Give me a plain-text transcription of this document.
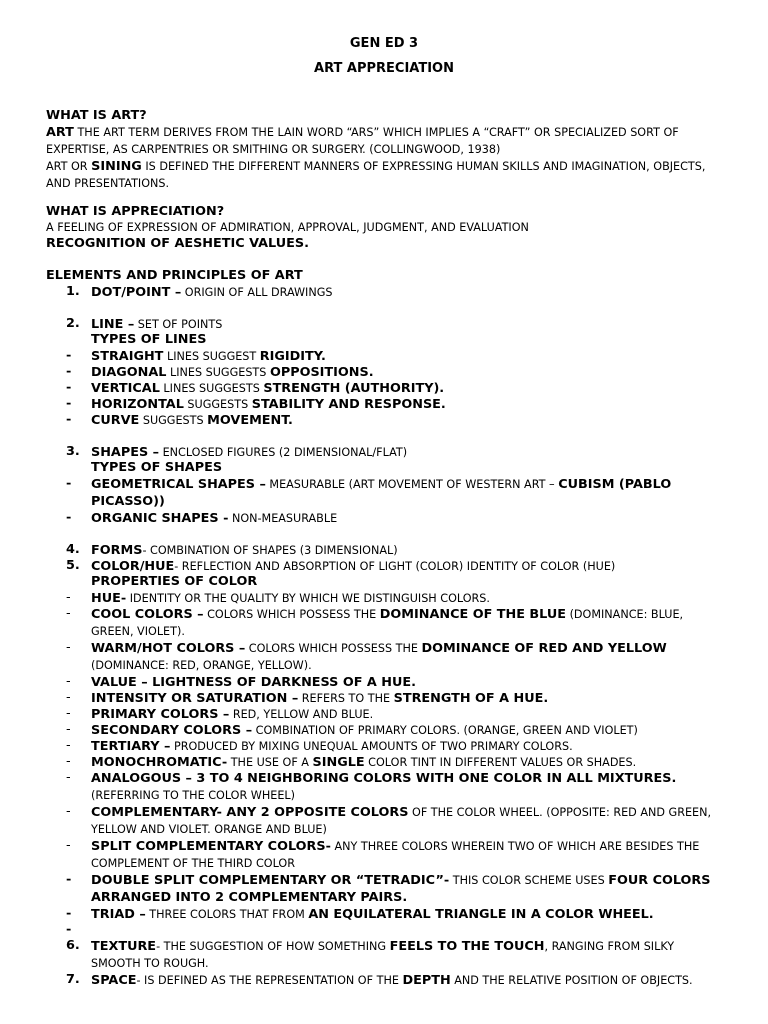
GEN ED 3
ART APPRECIATION
WHAT IS ART?
ART THE ART TERM DERIVES FROM THE LAIN WORD “ARS” WHICH IMPLIES A “CRAFT” OR SPECIALIZED SORT OF EXPERTISE, AS CARPENTRIES OR SMITHING OR SURGERY. (COLLINGWOOD, 1938)
ART OR SINING IS DEFINED THE DIFFERENT MANNERS OF EXPRESSING HUMAN SKILLS AND IMAGINATION, OBJECTS, AND PRESENTATIONS.
WHAT IS APPRECIATION?
A FEELING OF EXPRESSION OF ADMIRATION, APPROVAL, JUDGMENT, AND EVALUATION
RECOGNITION OF AESHETIC VALUES.
ELEMENTS AND PRINCIPLES OF ART
1. DOT/POINT – ORIGIN OF ALL DRAWINGS
2. LINE – SET OF POINTS
TYPES OF LINES
- STRAIGHT LINES SUGGEST RIGIDITY.
- DIAGONAL LINES SUGGESTS OPPOSITIONS.
- VERTICAL LINES SUGGESTS STRENGTH (AUTHORITY).
- HORIZONTAL SUGGESTS STABILITY AND RESPONSE.
- CURVE SUGGESTS MOVEMENT.
3. SHAPES – ENCLOSED FIGURES (2 DIMENSIONAL/FLAT)
TYPES OF SHAPES
- GEOMETRICAL SHAPES – MEASURABLE (ART MOVEMENT OF WESTERN ART – CUBISM (PABLO PICASSO))
- ORGANIC SHAPES - NON-MEASURABLE
4. FORMS- COMBINATION OF SHAPES (3 DIMENSIONAL)
5. COLOR/HUE- REFLECTION AND ABSORPTION OF LIGHT (COLOR) IDENTITY OF COLOR (HUE)
PROPERTIES OF COLOR
- HUE- IDENTITY OR THE QUALITY BY WHICH WE DISTINGUISH COLORS.
- COOL COLORS – COLORS WHICH POSSESS THE DOMINANCE OF THE BLUE (DOMINANCE: BLUE, GREEN, VIOLET).
- WARM/HOT COLORS – COLORS WHICH POSSESS THE DOMINANCE OF RED AND YELLOW (DOMINANCE: RED, ORANGE, YELLOW).
- VALUE – LIGHTNESS OF DARKNESS OF A HUE.
- INTENSITY OR SATURATION – REFERS TO THE STRENGTH OF A HUE.
- PRIMARY COLORS – RED, YELLOW AND BLUE.
- SECONDARY COLORS – COMBINATION OF PRIMARY COLORS. (ORANGE, GREEN AND VIOLET)
- TERTIARY – PRODUCED BY MIXING UNEQUAL AMOUNTS OF TWO PRIMARY COLORS.
- MONOCHROMATIC- THE USE OF A SINGLE COLOR TINT IN DIFFERENT VALUES OR SHADES.
- ANALOGOUS – 3 TO 4 NEIGHBORING COLORS WITH ONE COLOR IN ALL MIXTURES. (REFERRING TO THE COLOR WHEEL)
- COMPLEMENTARY- ANY 2 OPPOSITE COLORS OF THE COLOR WHEEL. (OPPOSITE: RED AND GREEN, YELLOW AND VIOLET. ORANGE AND BLUE)
- SPLIT COMPLEMENTARY COLORS- ANY THREE COLORS WHEREIN TWO OF WHICH ARE BESIDES THE COMPLEMENT OF THE THIRD COLOR
- DOUBLE SPLIT COMPLEMENTARY OR “TETRADIC”- THIS COLOR SCHEME USES FOUR COLORS ARRANGED INTO 2 COMPLEMENTARY PAIRS.
- TRIAD – THREE COLORS THAT FROM AN EQUILATERAL TRIANGLE IN A COLOR WHEEL.
-
6. TEXTURE- THE SUGGESTION OF HOW SOMETHING FEELS TO THE TOUCH, RANGING FROM SILKY SMOOTH TO ROUGH.
7. SPACE- IS DEFINED AS THE REPRESENTATION OF THE DEPTH AND THE RELATIVE POSITION OF OBJECTS.
